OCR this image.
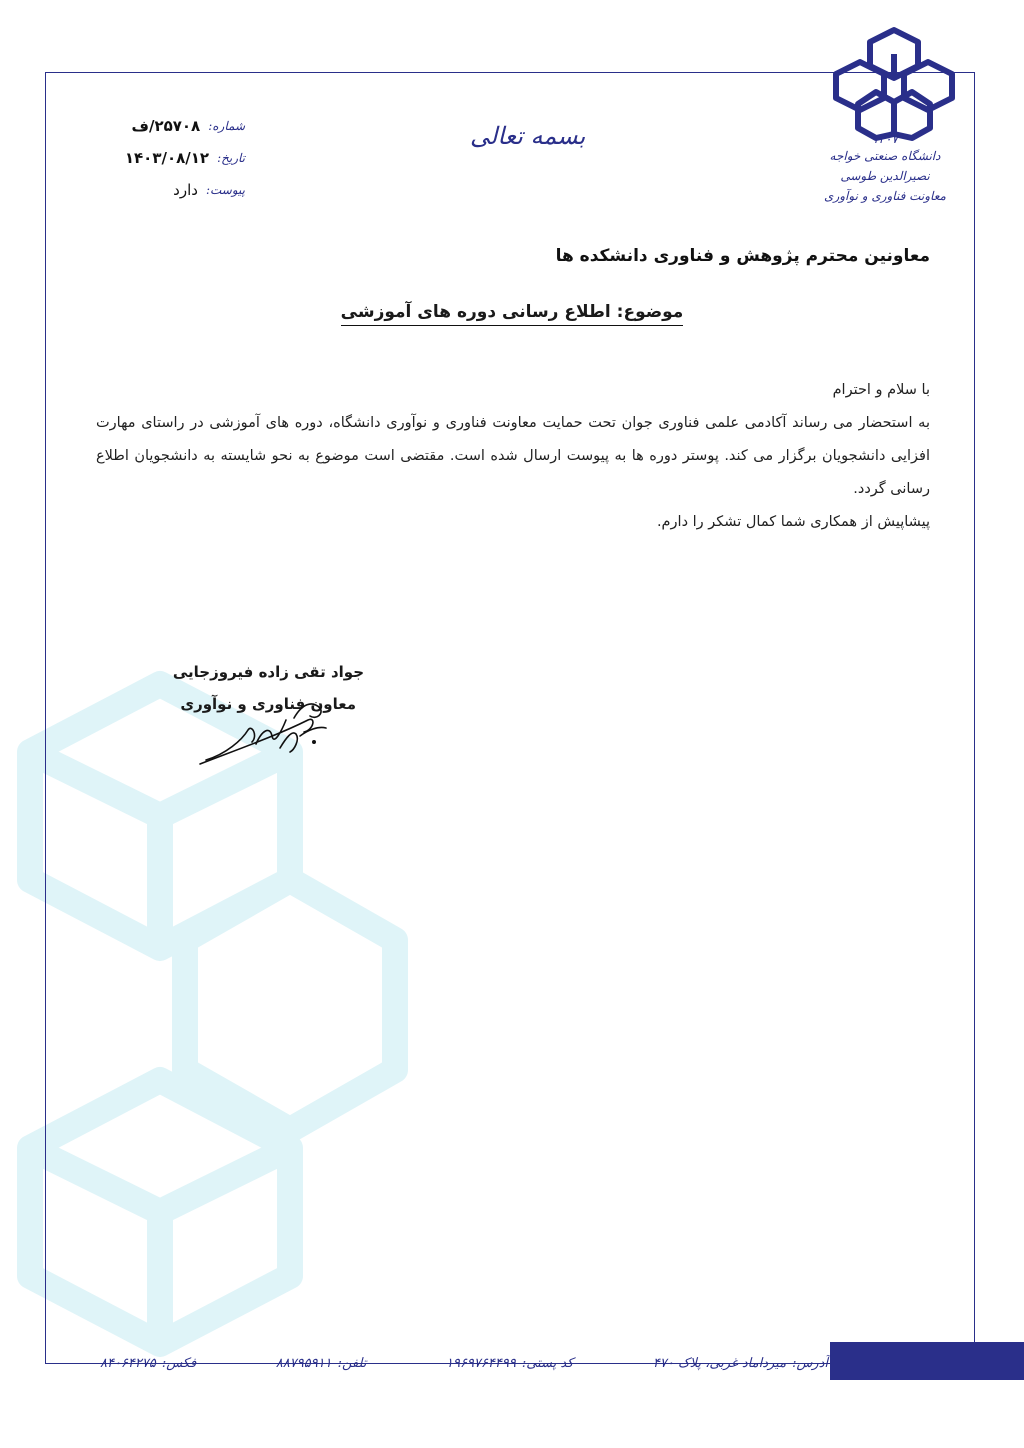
۱۳۰۷
دانشگاه صنعتی خواجه نصیرالدین طوسی
معاونت فناوری و نوآوری
بسمه تعالی
شماره:
۲۵۷۰۸/ف
تاریخ:
۱۴۰۳/۰۸/۱۲
پیوست:
دارد
معاونین محترم پژوهش و فناوری دانشکده ها
موضوع: اطلاع رسانی دوره های آموزشی

با سلام و احترام

به استحضار می رساند آکادمی علمی فناوری جوان تحت حمایت معاونت فناوری و نوآوری دانشگاه، دوره های آموزشی در راستای مهارت افزایی دانشجویان برگزار می کند. پوستر دوره ها به پیوست ارسال شده است. مقتضی است موضوع به نحو شایسته به دانشجویان اطلاع رسانی گردد.

پیشاپیش از همکاری شما کمال تشکر را دارم.

جواد تقی زاده فیروزجایی
معاون فناوری و نوآوری
آدرس:
میرداماد غربی، پلاک ۴۷۰
کد پستی:
۱۹۶۹۷۶۴۴۹۹
تلفن:
۸۸۷۹۵۹۱۱
فکس:
۸۴۰۶۴۲۷۵
